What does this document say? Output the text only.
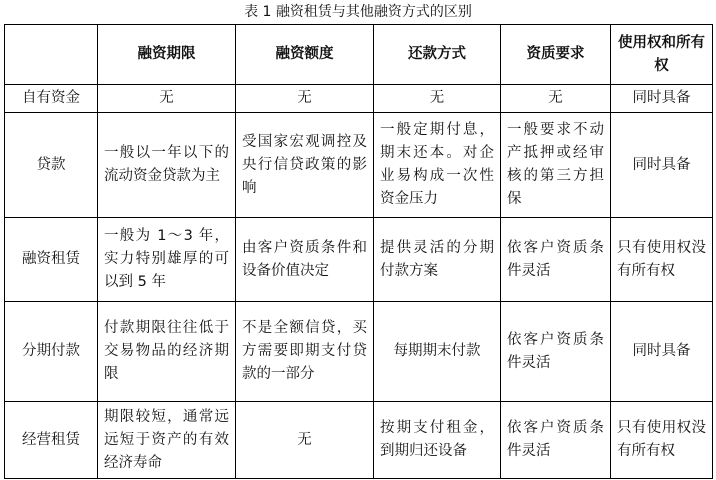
表 1 融资租赁与其他融资方式的区别
	融资期限	融资额度	还款方式	资质要求	使用权和所有权
自有资金	无	无	无	无	同时具备
贷款	一般以一年以下的流动资金贷款为主	受国家宏观调控及央行信贷政策的影响	一般定期付息，期末还本。对企业易构成一次性资金压力	一般要求不动产抵押或经审核的第三方担保	同时具备
融资租赁	一般为 1～3 年，实力特别雄厚的可以到 5 年	由客户资质条件和设备价值决定	提供灵活的分期付款方案	依客户资质条件灵活	只有使用权没有所有权
分期付款	付款期限往往低于交易物品的经济期限	不是全额信贷，买方需要即期支付贷款的一部分	每期期末付款	依客户资质条件灵活	同时具备
经营租赁	期限较短，通常远远短于资产的有效经济寿命	无	按期支付租金，到期归还设备	依客户资质条件灵活	只有使用权没有所有权
